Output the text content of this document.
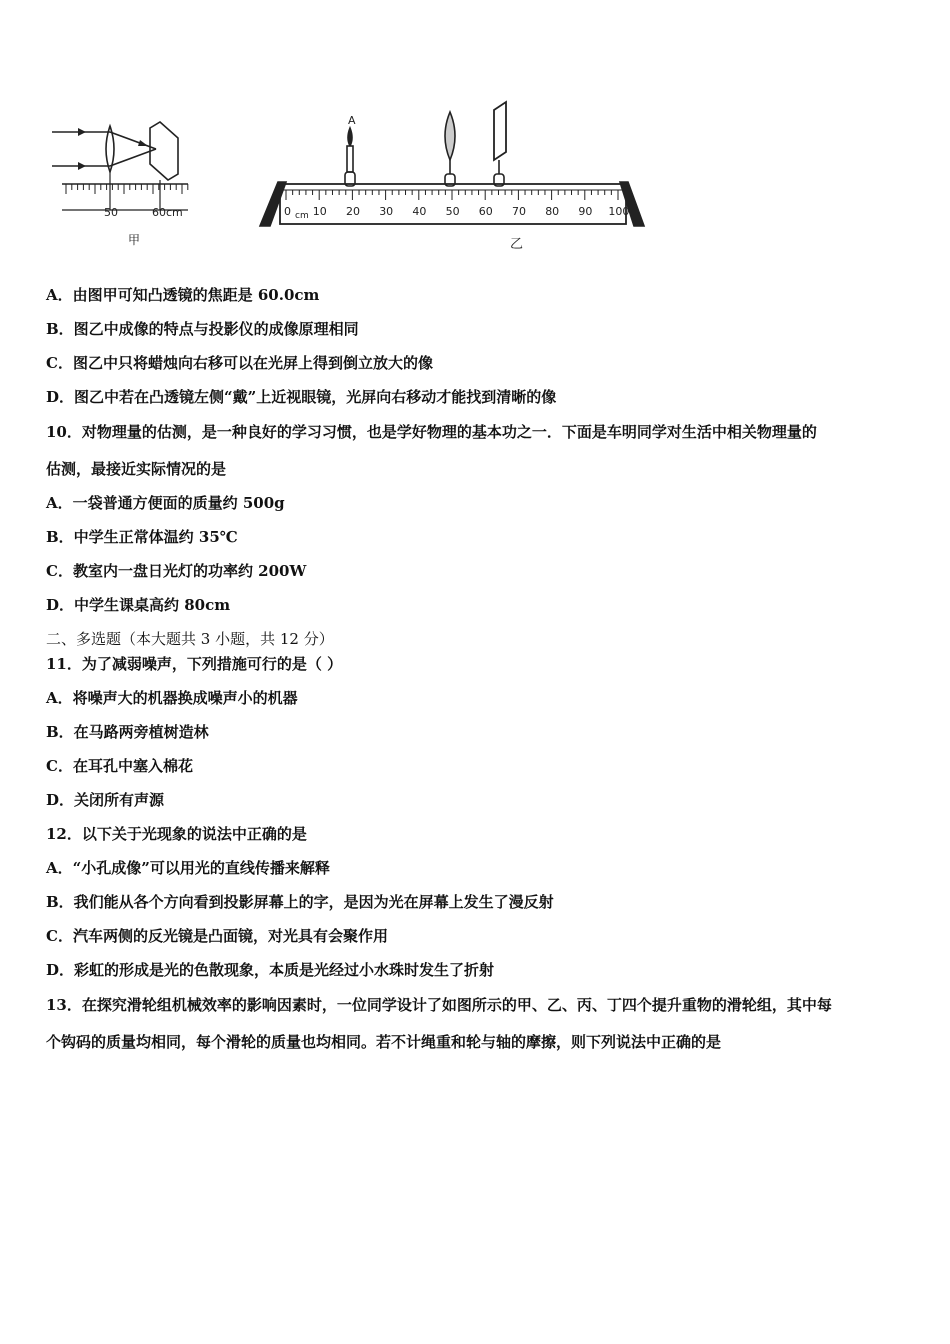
50	60cm
甲
A
0 cm 10 20 30 40 50 60 70 80 90 100
乙
A．由图甲可知凸透镜的焦距是 60.0cm
B．图乙中成像的特点与投影仪的成像原理相同
C．图乙中只将蜡烛向右移可以在光屏上得到倒立放大的像
D．图乙中若在凸透镜左侧“戴”上近视眼镜，光屏向右移动才能找到清晰的像
10．对物理量的估测，是一种良好的学习习惯，也是学好物理的基本功之一．下面是车明同学对生活中相关物理量的
估测，最接近实际情况的是
A．一袋普通方便面的质量约 500g
B．中学生正常体温约 35℃
C．教室内一盘日光灯的功率约 200W
D．中学生课桌高约 80cm
二、多选题（本大题共 3 小题，共 12 分）
11．为了减弱噪声，下列措施可行的是（ ）
A．将噪声大的机器换成噪声小的机器
B．在马路两旁植树造林
C．在耳孔中塞入棉花
D．关闭所有声源
12．以下关于光现象的说法中正确的是
A．“小孔成像”可以用光的直线传播来解释
B．我们能从各个方向看到投影屏幕上的字，是因为光在屏幕上发生了漫反射
C．汽车两侧的反光镜是凸面镜，对光具有会聚作用
D．彩虹的形成是光的色散现象，本质是光经过小水珠时发生了折射
13．在探究滑轮组机械效率的影响因素时，一位同学设计了如图所示的甲、乙、丙、丁四个提升重物的滑轮组，其中每
个钩码的质量均相同，每个滑轮的质量也均相同。若不计绳重和轮与轴的摩擦，则下列说法中正确的是
